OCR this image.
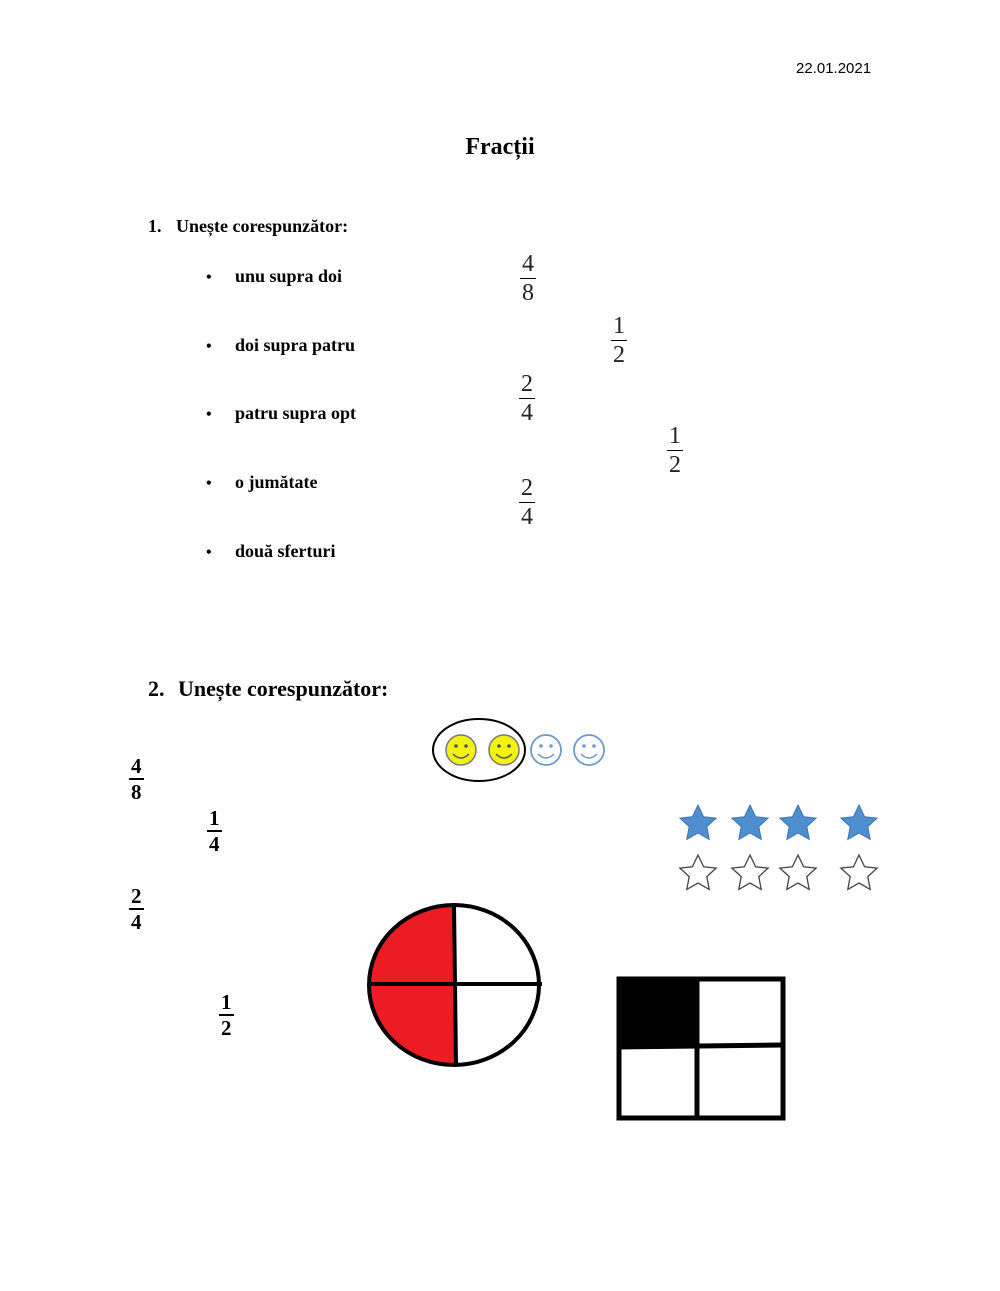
22.01.2021
Fracții
1. Unește corespunzător:
• unu supra doi
• doi supra patru
• patru supra opt
• o jumătate
• două sferturi
$\frac{4}{8}$
$\frac{1}{2}$
$\frac{2}{4}$
$\frac{1}{2}$
$\frac{2}{4}$
2. Unește corespunzător:
$\frac{4}{8}$
$\frac{1}{4}$
$\frac{2}{4}$
$\frac{1}{2}$
